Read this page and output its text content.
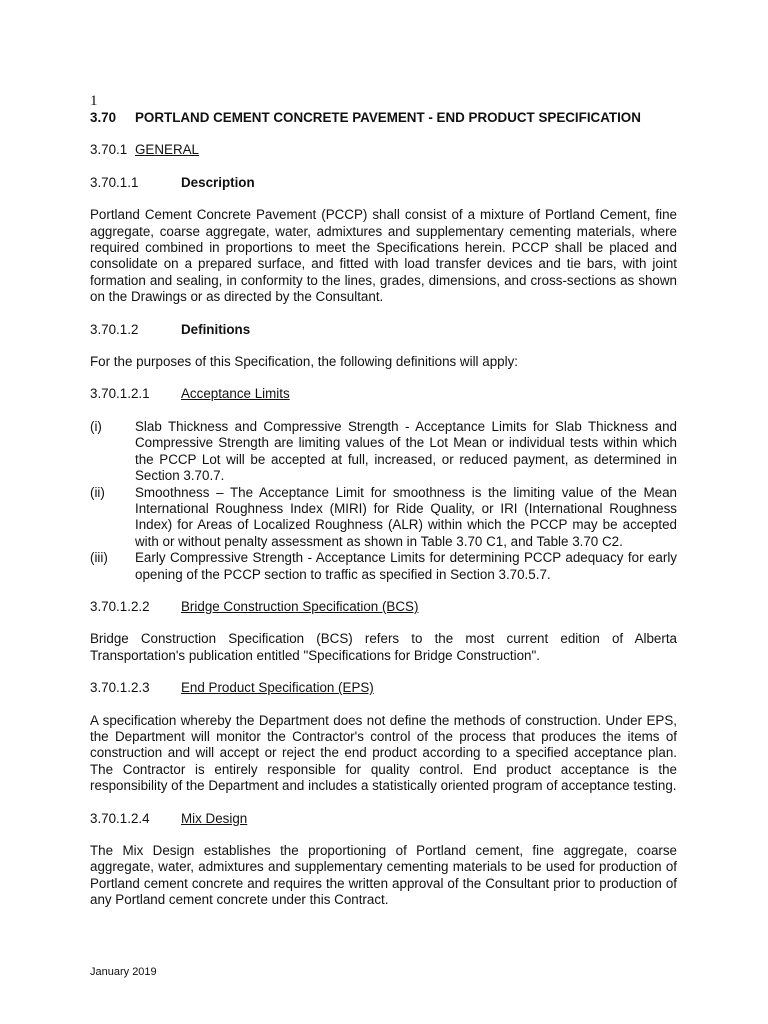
1
3.70	PORTLAND CEMENT CONCRETE PAVEMENT - END PRODUCT SPECIFICATION
3.70.1 GENERAL
3.70.1.1	Description

Portland Cement Concrete Pavement (PCCP) shall consist of a mixture of Portland Cement, fine aggregate, coarse aggregate, water, admixtures and supplementary cementing materials, where required combined in proportions to meet the Specifications herein. PCCP shall be placed and consolidate on a prepared surface, and fitted with load transfer devices and tie bars, with joint formation and sealing, in conformity to the lines, grades, dimensions, and cross-sections as shown on the Drawings or as directed by the Consultant.

3.70.1.2	Definitions

For the purposes of this Specification, the following definitions will apply:

3.70.1.2.1	Acceptance Limits
(i)	Slab Thickness and Compressive Strength - Acceptance Limits for Slab Thickness and Compressive Strength are limiting values of the Lot Mean or individual tests within which the PCCP Lot will be accepted at full, increased, or reduced payment, as determined in Section 3.70.7.
(ii)	Smoothness – The Acceptance Limit for smoothness is the limiting value of the Mean International Roughness Index (MIRI) for Ride Quality, or IRI (International Roughness Index) for Areas of Localized Roughness (ALR) within which the PCCP may be accepted with or without penalty assessment as shown in Table 3.70 C1, and Table 3.70 C2.
(iii)	Early Compressive Strength - Acceptance Limits for determining PCCP adequacy for early opening of the PCCP section to traffic as specified in Section 3.70.5.7.
3.70.1.2.2	Bridge Construction Specification (BCS)

Bridge Construction Specification (BCS) refers to the most current edition of Alberta Transportation's publication entitled "Specifications for Bridge Construction".

3.70.1.2.3	End Product Specification (EPS)

A specification whereby the Department does not define the methods of construction. Under EPS, the Department will monitor the Contractor's control of the process that produces the items of construction and will accept or reject the end product according to a specified acceptance plan. The Contractor is entirely responsible for quality control. End product acceptance is the responsibility of the Department and includes a statistically oriented program of acceptance testing.

3.70.1.2.4	Mix Design

The Mix Design establishes the proportioning of Portland cement, fine aggregate, coarse aggregate, water, admixtures and supplementary cementing materials to be used for production of Portland cement concrete and requires the written approval of the Consultant prior to production of any Portland cement concrete under this Contract.

January 2019
